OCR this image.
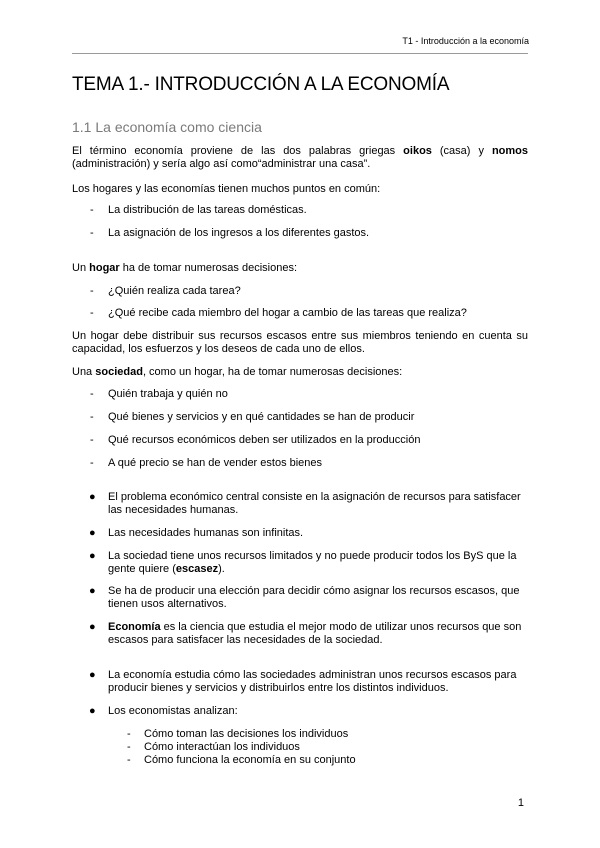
T1 - Introducción a la economía
TEMA 1.- INTRODUCCIÓN A LA ECONOMÍA
1.1 La economía como ciencia

El término economía proviene de las dos palabras griegas oikos (casa) y nomos

(administración) y sería algo así como“administrar una casa”.

Los hogares y las economías tienen muchos puntos en común:

- La distribución de las tareas domésticas.
- La asignación de los ingresos a los diferentes gastos.

Un hogar ha de tomar numerosas decisiones:

- ¿Quién realiza cada tarea?
- ¿Qué recibe cada miembro del hogar a cambio de las tareas que realiza?

Un hogar debe distribuir sus recursos escasos entre sus miembros teniendo en cuenta su

capacidad, los esfuerzos y los deseos de cada uno de ellos.

Una sociedad, como un hogar, ha de tomar numerosas decisiones:

- Quién trabaja y quién no
- Qué bienes y servicios y en qué cantidades se han de producir
- Qué recursos económicos deben ser utilizados en la producción
- A qué precio se han de vender estos bienes
● El problema económico central consiste en la asignación de recursos para satisfacer
las necesidades humanas.
● Las necesidades humanas son infinitas.
● La sociedad tiene unos recursos limitados y no puede producir todos los ByS que la
gente quiere (escasez).
● Se ha de producir una elección para decidir cómo asignar los recursos escasos, que
tienen usos alternativos.
● Economía es la ciencia que estudia el mejor modo de utilizar unos recursos que son
escasos para satisfacer las necesidades de la sociedad.
● La economía estudia cómo las sociedades administran unos recursos escasos para
producir bienes y servicios y distribuirlos entre los distintos individuos.
● Los economistas analizan:
- Cómo toman las decisiones los individuos
- Cómo interactúan los individuos
- Cómo funciona la economía en su conjunto
1
